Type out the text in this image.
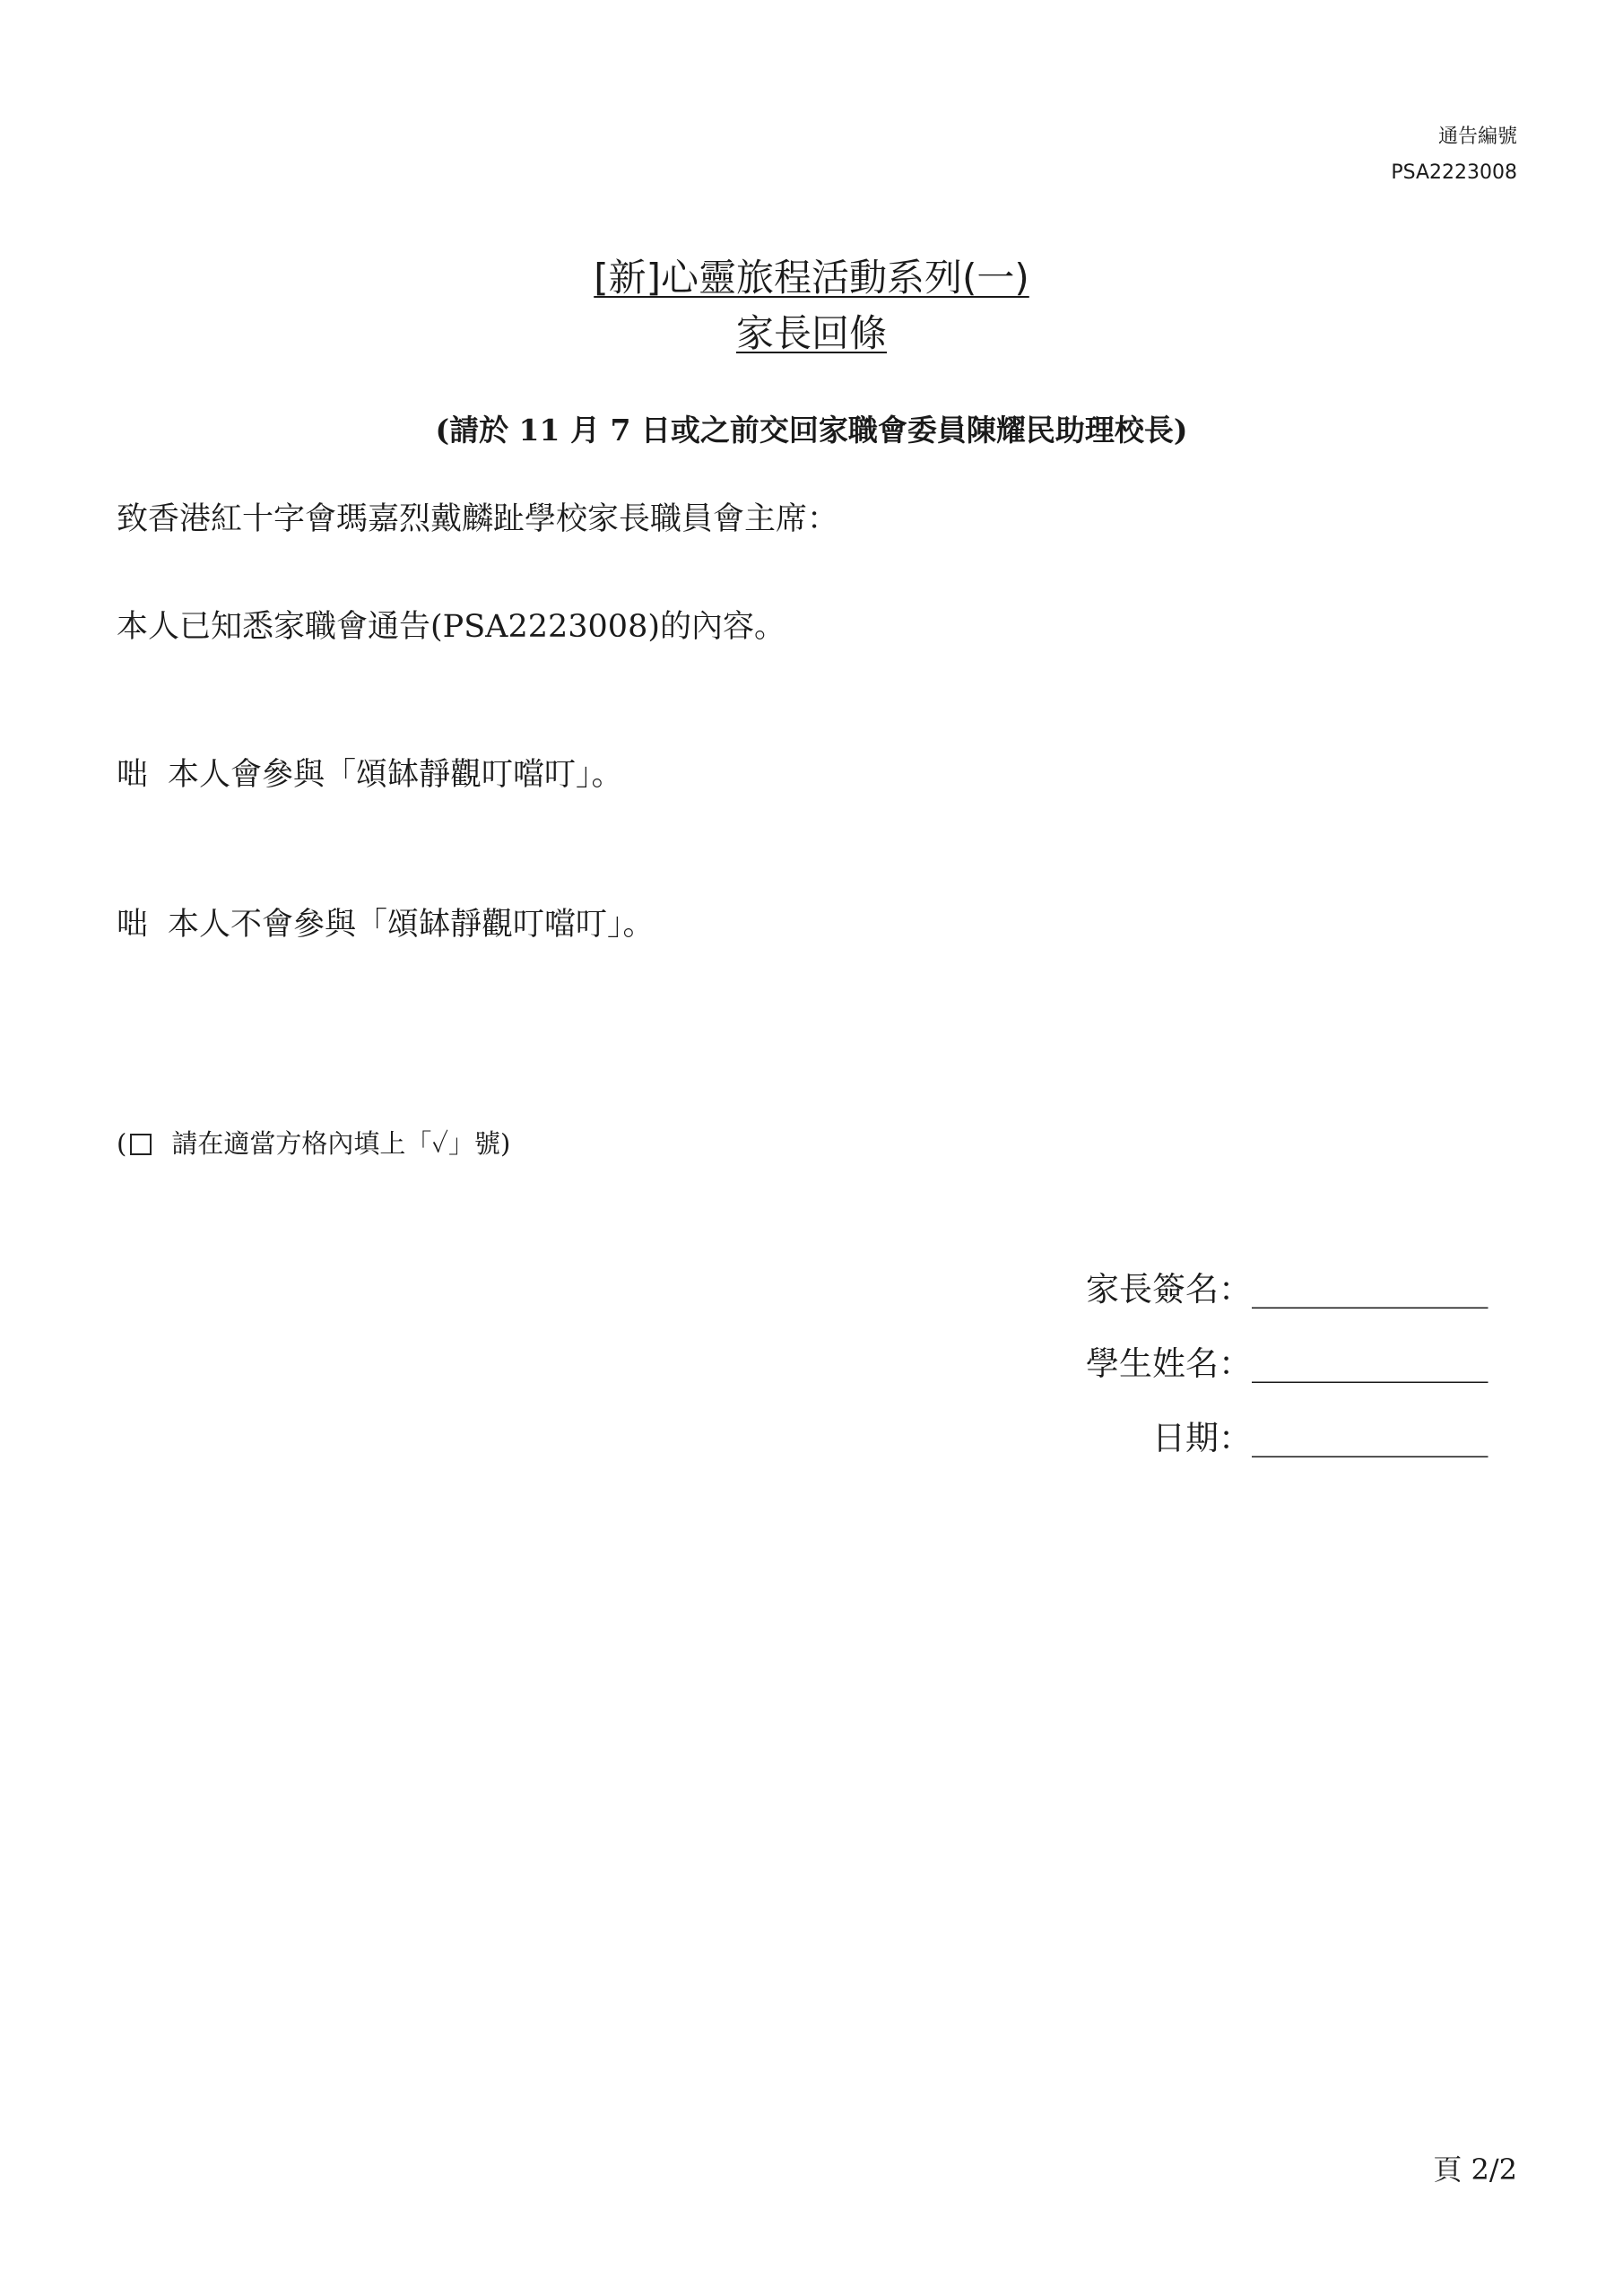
通告編號
PSA2223008
[新]心靈旅程活動系列(一)
家長回條
(請於 11 月 7 日或之前交回家職會委員陳耀民助理校長)
致香港紅十字會瑪嘉烈戴麟趾學校家長職員會主席：
本人已知悉家職會通告(PSA2223008)的內容。
咄 本人會參與「頌缽靜觀叮噹叮」。
咄 本人不會參與「頌缽靜觀叮噹叮」。
( 請在適當方格內填上「✓」號)
家長簽名：_______________
學生姓名：_______________
日期：_______________
頁 2/2
